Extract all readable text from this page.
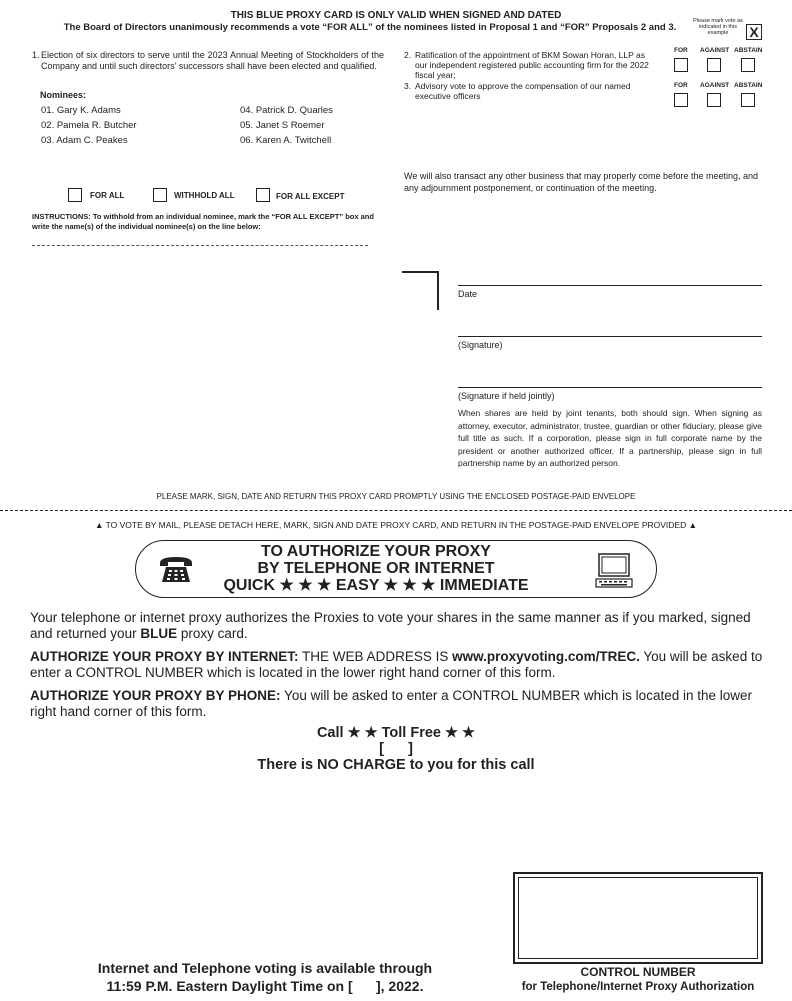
THIS BLUE PROXY CARD IS ONLY VALID WHEN SIGNED AND DATED
The Board of Directors unanimously recommends a vote “FOR ALL” of the nominees listed in Proposal 1 and “FOR” Proposals 2 and 3.
Please mark vote as indicated in this example	X
1. Election of six directors to serve until the 2023 Annual Meeting of Stockholders of the Company and until such directors’ successors shall have been elected and qualified.
Nominees:
01. Gary K. Adams
02. Pamela R. Butcher
03. Adam C. Peakes
04. Patrick D. Quarles
05. Janet S Roemer
06. Karen A. Twitchell
FOR ALL	WITHHOLD ALL	FOR ALL EXCEPT
INSTRUCTIONS: To withhold from an individual nominee, mark the “FOR ALL EXCEPT” box and write the name(s) of the individual nominee(s) on the line below:
2. Ratification of the appointment of BKM Sowan Horan, LLP as our independent registered public accounting firm for the 2022 fiscal year;
3. Advisory vote to approve the compensation of our named executive officers
FOR AGAINST ABSTAIN
FOR AGAINST ABSTAIN
We will also transact any other business that may properly come before the meeting, and any adjournment postponement, or continuation of the meeting.
Date
(Signature)
(Signature if held jointly)
When shares are held by joint tenants, both should sign. When signing as attorney, executor, administrator, trustee, guardian or other fiduciary, please give full title as such. If a corporation, please sign in full corporate name by the president or another authorized officer. If a partnership, please sign in full partnership name by an authorized person.
PLEASE MARK, SIGN, DATE AND RETURN THIS PROXY CARD PROMPTLY USING THE ENCLOSED POSTAGE-PAID ENVELOPE
▲ TO VOTE BY MAIL, PLEASE DETACH HERE, MARK, SIGN AND DATE PROXY CARD, AND RETURN IN THE POSTAGE-PAID ENVELOPE PROVIDED ▲
TO AUTHORIZE YOUR PROXY
BY TELEPHONE OR INTERNET
QUICK ★ ★ ★ EASY ★ ★ ★ IMMEDIATE
Your telephone or internet proxy authorizes the Proxies to vote your shares in the same manner as if you marked, signed and returned your BLUE proxy card.
AUTHORIZE YOUR PROXY BY INTERNET: THE WEB ADDRESS IS www.proxyvoting.com/TREC. You will be asked to enter a CONTROL NUMBER which is located in the lower right hand corner of this form.
AUTHORIZE YOUR PROXY BY PHONE: You will be asked to enter a CONTROL NUMBER which is located in the lower right hand corner of this form.
Call ★ ★ Toll Free ★ ★
[      ]
There is NO CHARGE to you for this call
Internet and Telephone voting is available through
11:59 P.M. Eastern Daylight Time on [      ], 2022.
CONTROL NUMBER
for Telephone/Internet Proxy Authorization
